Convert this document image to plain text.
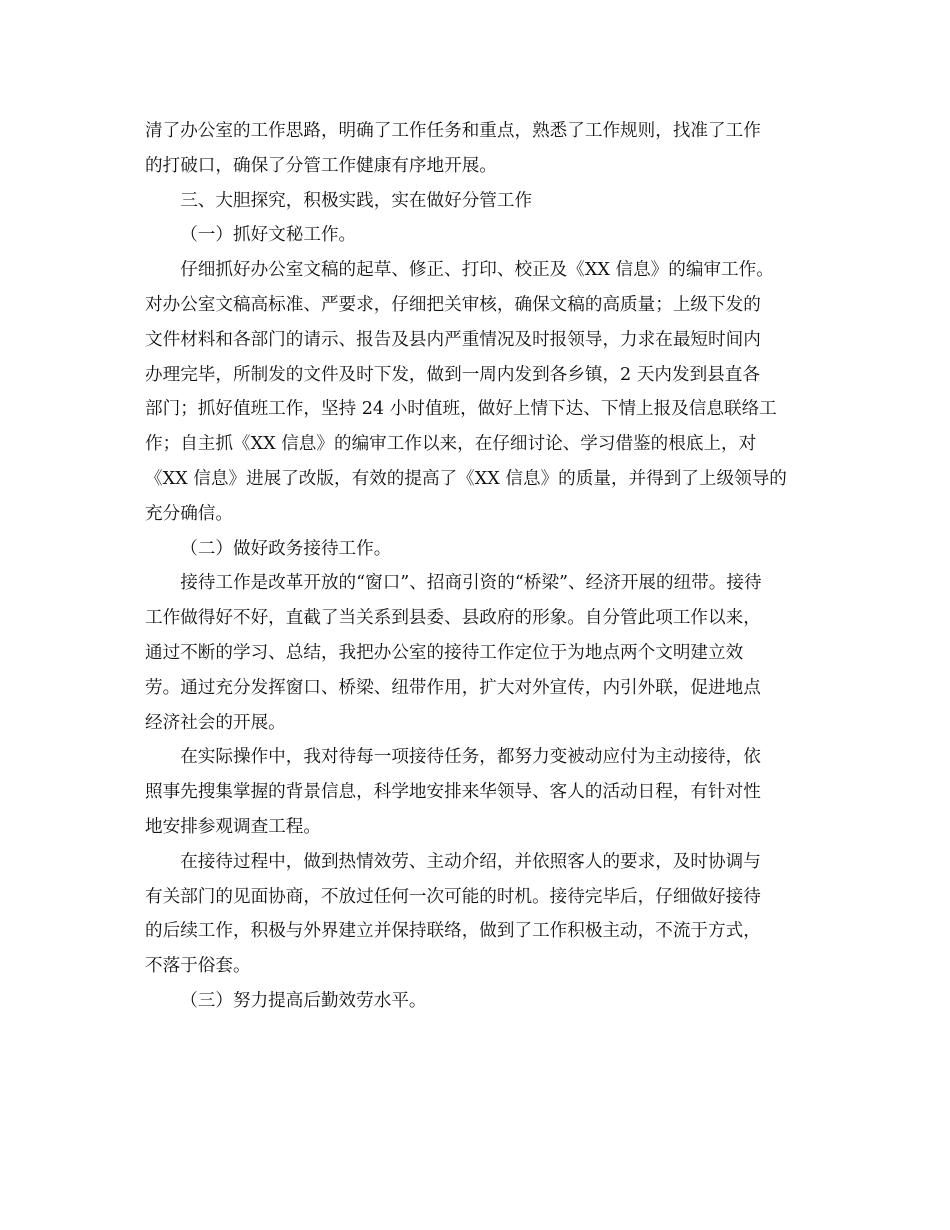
清了办公室的工作思路，明确了工作任务和重点，熟悉了工作规则，找准了工作
的打破口，确保了分管工作健康有序地开展。
三、大胆探究，积极实践，实在做好分管工作
（一）抓好文秘工作。
仔细抓好办公室文稿的起草、修正、打印、校正及《XX 信息》的编审工作。
对办公室文稿高标准、严要求，仔细把关审核，确保文稿的高质量；上级下发的
文件材料和各部门的请示、报告及县内严重情况及时报领导，力求在最短时间内
办理完毕，所制发的文件及时下发，做到一周内发到各乡镇，2 天内发到县直各
部门；抓好值班工作，坚持 24 小时值班，做好上情下达、下情上报及信息联络工
作；自主抓《XX 信息》的编审工作以来，在仔细讨论、学习借鉴的根底上，对
《XX 信息》进展了改版，有效的提高了《XX 信息》的质量，并得到了上级领导的
充分确信。
（二）做好政务接待工作。
接待工作是改革开放的“窗口”、招商引资的“桥梁”、经济开展的纽带。接待
工作做得好不好，直截了当关系到县委、县政府的形象。自分管此项工作以来，
通过不断的学习、总结，我把办公室的接待工作定位于为地点两个文明建立效
劳。通过充分发挥窗口、桥梁、纽带作用，扩大对外宣传，内引外联，促进地点
经济社会的开展。
在实际操作中，我对待每一项接待任务，都努力变被动应付为主动接待，依
照事先搜集掌握的背景信息，科学地安排来华领导、客人的活动日程，有针对性
地安排参观调查工程。
在接待过程中，做到热情效劳、主动介绍，并依照客人的要求，及时协调与
有关部门的见面协商，不放过任何一次可能的时机。接待完毕后，仔细做好接待
的后续工作，积极与外界建立并保持联络，做到了工作积极主动，不流于方式，
不落于俗套。
（三）努力提高后勤效劳水平。
